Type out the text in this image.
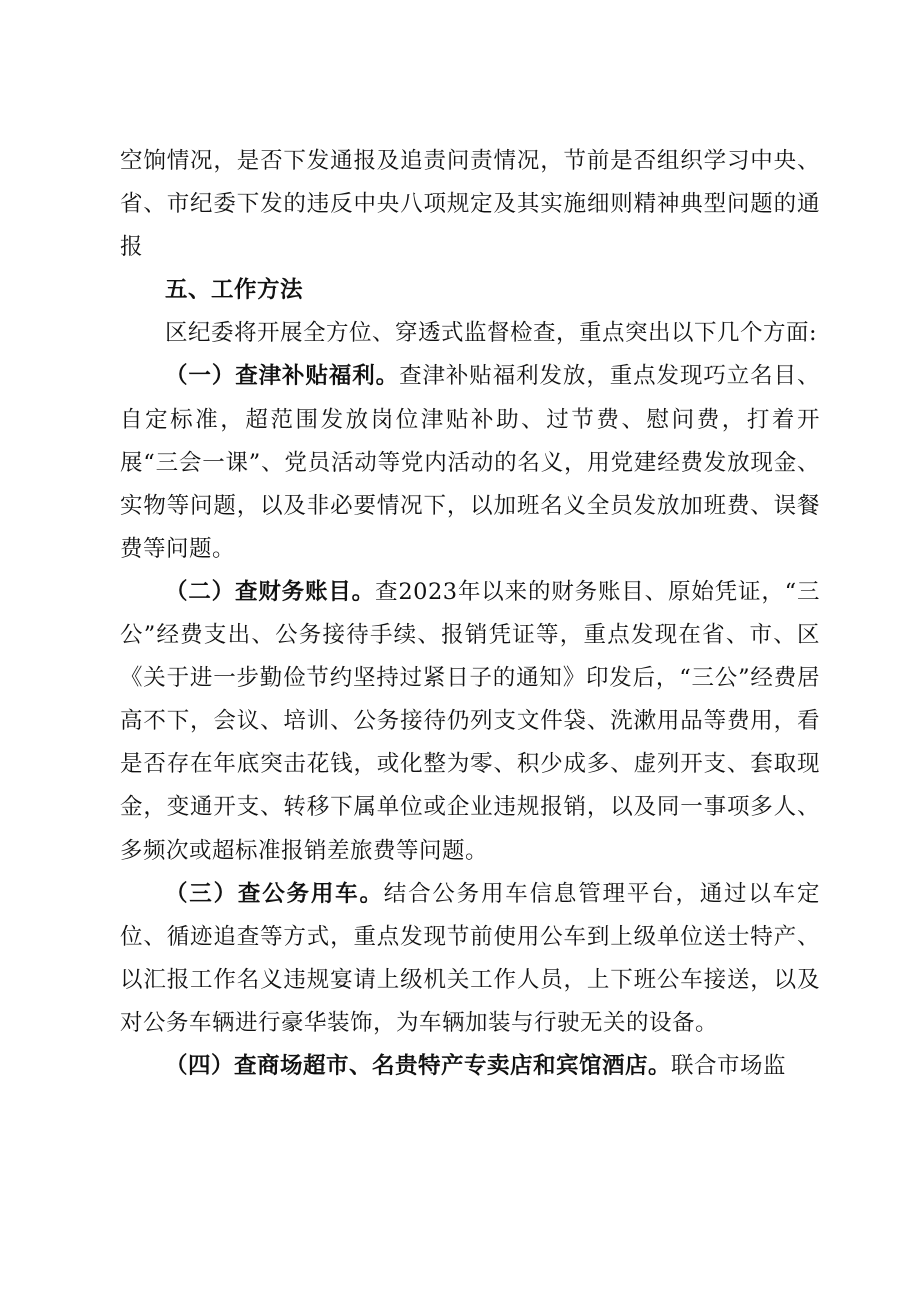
空饷情况，是否下发通报及追责问责情况，节前是否组织学习中央、省、市纪委下发的违反中央八项规定及其实施细则精神典型问题的通报

五、工作方法

区纪委将开展全方位、穿透式监督检查，重点突出以下几个方面:

（一）查津补贴福利。查津补贴福利发放，重点发现巧立名目、自定标准，超范围发放岗位津贴补助、过节费、慰问费，打着开展“三会一课”、党员活动等党内活动的名义，用党建经费发放现金、实物等问题，以及非必要情况下，以加班名义全员发放加班费、误餐费等问题。

（二）查财务账目。查2023年以来的财务账目、原始凭证，“三公”经费支出、公务接待手续、报销凭证等，重点发现在省、市、区《关于进一步勤俭节约坚持过紧日子的通知》印发后，“三公”经费居高不下，会议、培训、公务接待仍列支文件袋、洗漱用品等费用，看是否存在年底突击花钱，或化整为零、积少成多、虚列开支、套取现金，变通开支、转移下属单位或企业违规报销，以及同一事项多人、多频次或超标准报销差旅费等问题。

（三）查公务用车。结合公务用车信息管理平台，通过以车定位、循迹追查等方式，重点发现节前使用公车到上级单位送士特产、以汇报工作名义违规宴请上级机关工作人员，上下班公车接送，以及对公务车辆进行豪华装饰，为车辆加装与行驶无关的设备。

（四）查商场超市、名贵特产专卖店和宾馆酒店。联合市场监
